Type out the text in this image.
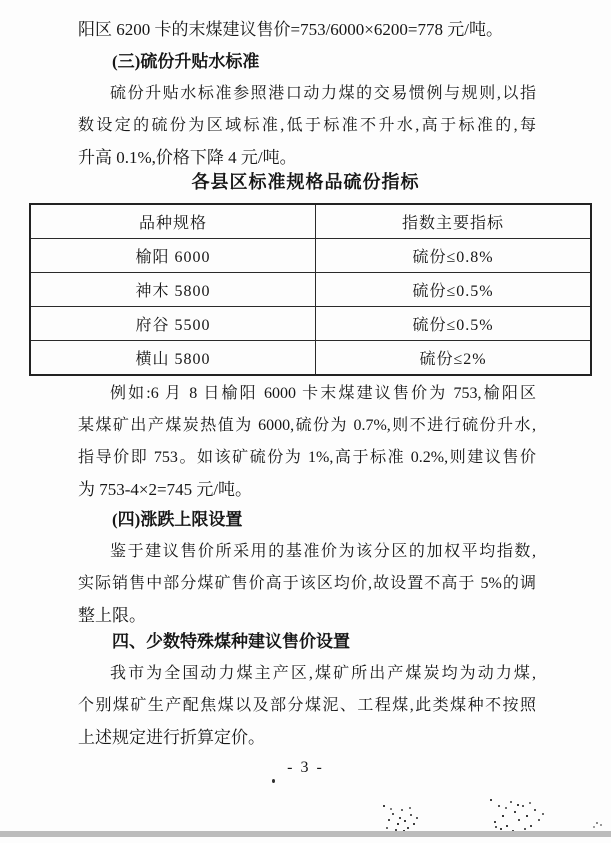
阳区 6200 卡的末煤建议售价=753/6000×6200=778 元/吨。
(三)硫份升贴水标准
硫份升贴水标准参照港口动力煤的交易惯例与规则,以指
数设定的硫份为区域标准,低于标准不升水,高于标准的,每
升高 0.1%,价格下降 4 元/吨。
各县区标准规格品硫份指标
品种规格	指数主要指标
榆阳 6000	硫份≤0.8%
神木 5800	硫份≤0.5%
府谷 5500	硫份≤0.5%
横山 5800	硫份≤2%
例如:6 月 8 日榆阳 6000 卡末煤建议售价为 753,榆阳区
某煤矿出产煤炭热值为 6000,硫份为 0.7%,则不进行硫份升水,
指导价即 753。如该矿硫份为 1%,高于标准 0.2%,则建议售价
为 753-4×2=745 元/吨。
(四)涨跌上限设置
鉴于建议售价所采用的基准价为该分区的加权平均指数,
实际销售中部分煤矿售价高于该区均价,故设置不高于 5%的调
整上限。
四、少数特殊煤种建议售价设置
我市为全国动力煤主产区,煤矿所出产煤炭均为动力煤,
个别煤矿生产配焦煤以及部分煤泥、工程煤,此类煤种不按照
上述规定进行折算定价。
- 3 -
